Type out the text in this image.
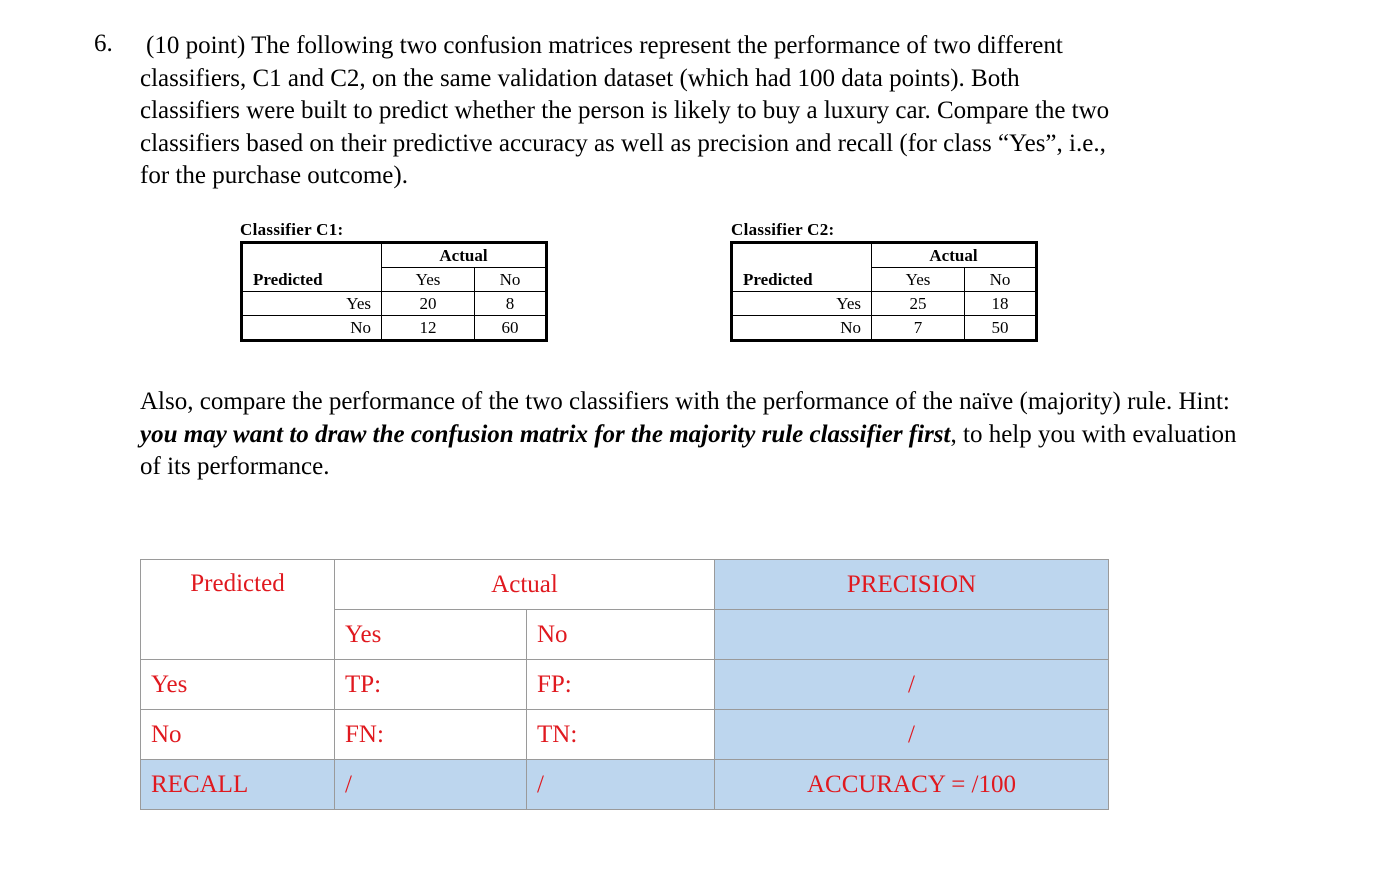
6. (10 point) The following two confusion matrices represent the performance of two different
classifiers, C1 and C2, on the same validation dataset (which had 100 data points). Both
classifiers were built to predict whether the person is likely to buy a luxury car. Compare the two
classifiers based on their predictive accuracy as well as precision and recall (for class “Yes”, i.e.,
for the purchase outcome).
Classifier C1:
	Actual	
Predicted	Yes	No
Yes	20	8
No	12	60
Classifier C2:
	Actual	
Predicted	Yes	No
Yes	25	18
No	7	50
Also, compare the performance of the two classifiers with the performance of the naïve (majority) rule. Hint: you may want to draw the confusion matrix for the majority rule classifier first, to help you with evaluation of its performance.
Predicted	Actual		PRECISION
	Yes	No	
Yes	TP:	FP:	/
No	FN:	TN:	/
RECALL	/	/	ACCURACY = /100
